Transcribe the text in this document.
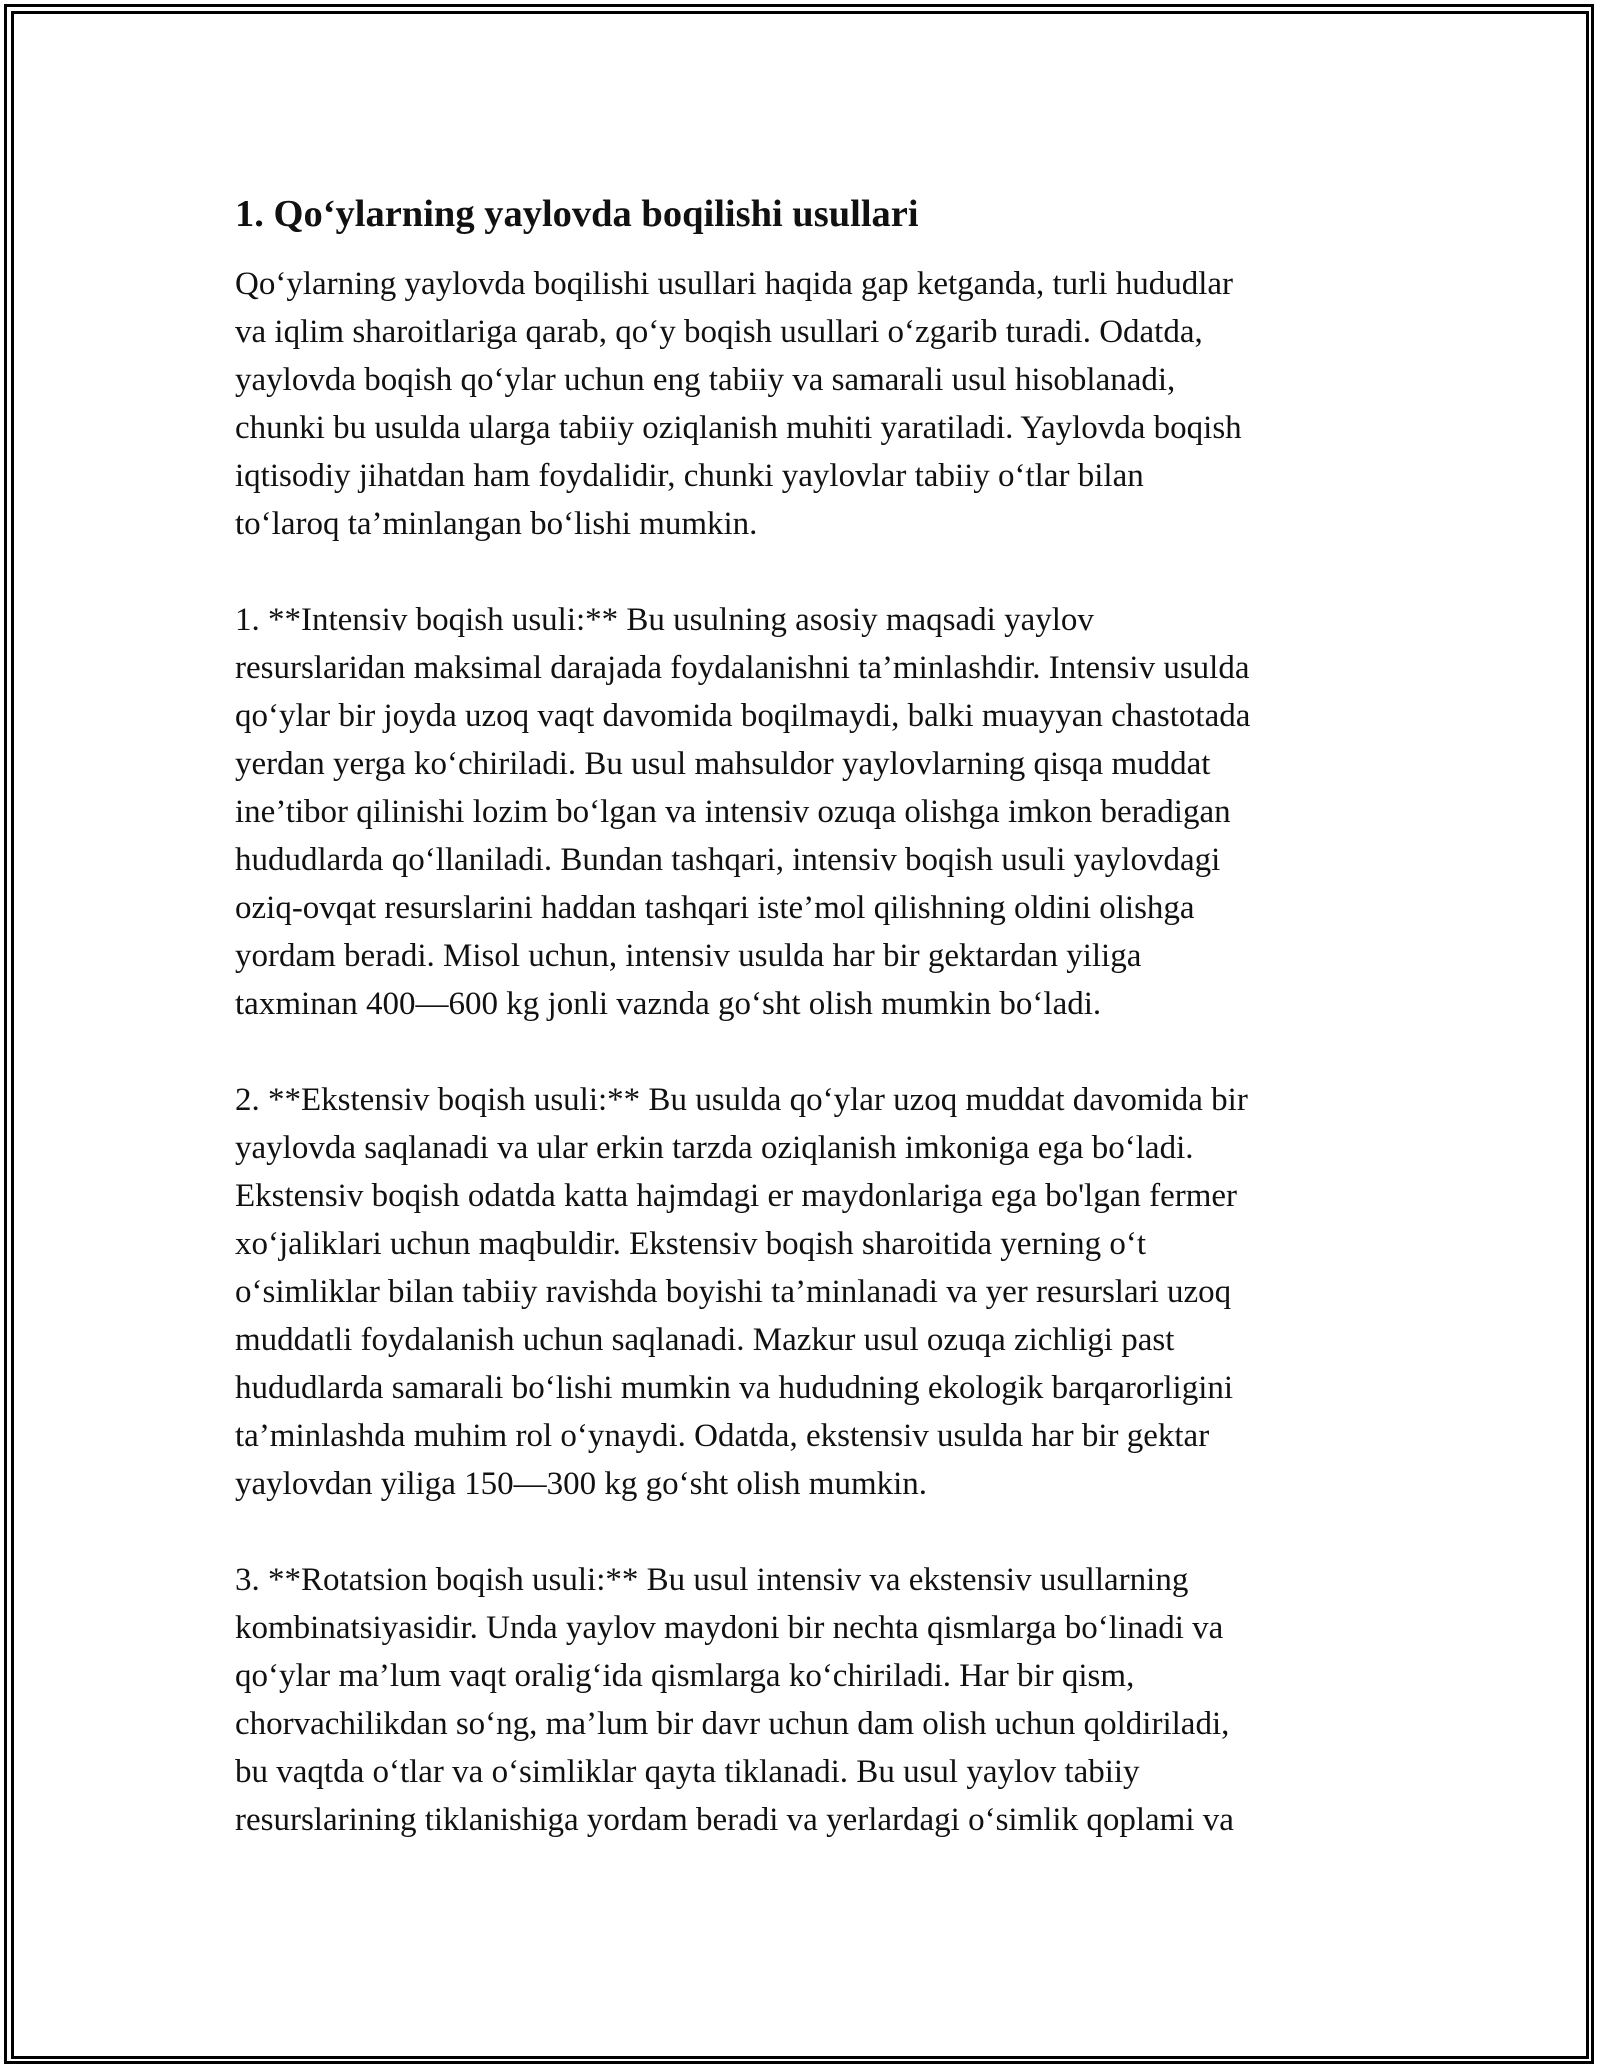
1. Qo‘ylarning yaylovda boqilishi usullari

Qo‘ylarning yaylovda boqilishi usullari haqida gap ketganda, turli hududlar
va iqlim sharoitlariga qarab, qo‘y boqish usullari o‘zgarib turadi. Odatda,
yaylovda boqish qo‘ylar uchun eng tabiiy va samarali usul hisoblanadi,
chunki bu usulda ularga tabiiy oziqlanish muhiti yaratiladi. Yaylovda boqish
iqtisodiy jihatdan ham foydalidir, chunki yaylovlar tabiiy o‘tlar bilan
to‘laroq ta’minlangan bo‘lishi mumkin.

1. **Intensiv boqish usuli:** Bu usulning asosiy maqsadi yaylov
resurslaridan maksimal darajada foydalanishni ta’minlashdir. Intensiv usulda
qo‘ylar bir joyda uzoq vaqt davomida boqilmaydi, balki muayyan chastotada
yerdan yerga ko‘chiriladi. Bu usul mahsuldor yaylovlarning qisqa muddat
ine’tibor qilinishi lozim bo‘lgan va intensiv ozuqa olishga imkon beradigan
hududlarda qo‘llaniladi. Bundan tashqari, intensiv boqish usuli yaylovdagi
oziq-ovqat resurslarini haddan tashqari iste’mol qilishning oldini olishga
yordam beradi. Misol uchun, intensiv usulda har bir gektardan yiliga
taxminan 400—600 kg jonli vaznda go‘sht olish mumkin bo‘ladi.

2. **Ekstensiv boqish usuli:** Bu usulda qo‘ylar uzoq muddat davomida bir
yaylovda saqlanadi va ular erkin tarzda oziqlanish imkoniga ega bo‘ladi.
Ekstensiv boqish odatda katta hajmdagi er maydonlariga ega bo'lgan fermer
xo‘jaliklari uchun maqbuldir. Ekstensiv boqish sharoitida yerning o‘t
o‘simliklar bilan tabiiy ravishda boyishi ta’minlanadi va yer resurslari uzoq
muddatli foydalanish uchun saqlanadi. Mazkur usul ozuqa zichligi past
hududlarda samarali bo‘lishi mumkin va hududning ekologik barqarorligini
ta’minlashda muhim rol o‘ynaydi. Odatda, ekstensiv usulda har bir gektar
yaylovdan yiliga 150—300 kg go‘sht olish mumkin.

3. **Rotatsion boqish usuli:** Bu usul intensiv va ekstensiv usullarning
kombinatsiyasidir. Unda yaylov maydoni bir nechta qismlarga bo‘linadi va
qo‘ylar ma’lum vaqt oralig‘ida qismlarga ko‘chiriladi. Har bir qism,
chorvachilikdan so‘ng, ma’lum bir davr uchun dam olish uchun qoldiriladi,
bu vaqtda o‘tlar va o‘simliklar qayta tiklanadi. Bu usul yaylov tabiiy
resurslarining tiklanishiga yordam beradi va yerlardagi o‘simlik qoplami va
